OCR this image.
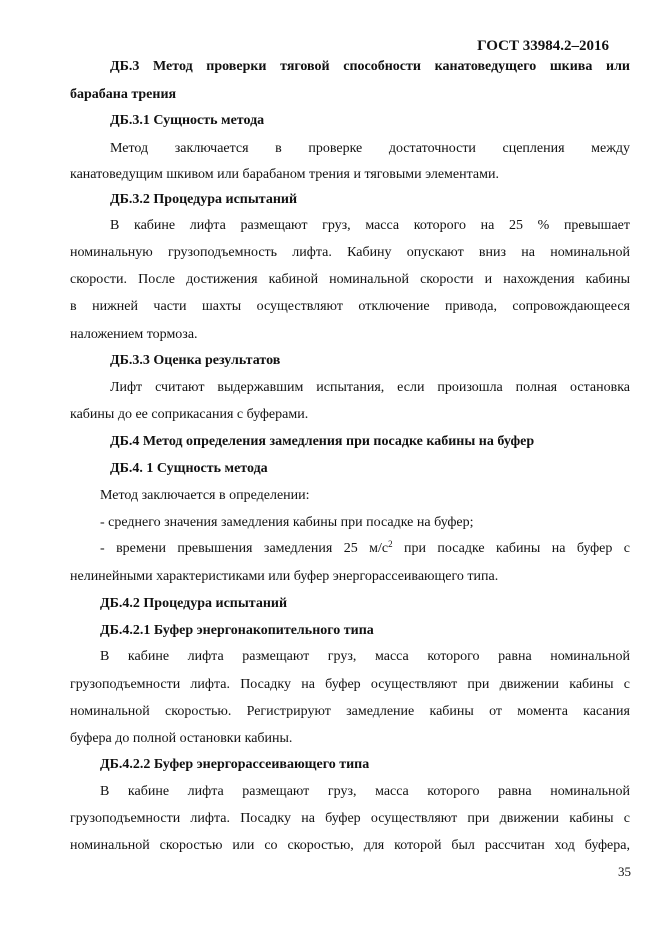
ГОСТ 33984.2–2016
ДБ.3 Метод проверки тяговой способности канатоведущего шкива или
барабана трения
ДБ.3.1 Сущность метода
Метод заключается в проверке достаточности сцепления между
канатоведущим шкивом или барабаном трения и тяговыми элементами.
ДБ.3.2 Процедура испытаний
В кабине лифта размещают груз, масса которого на 25 % превышает
номинальную грузоподъемность лифта. Кабину опускают вниз на номинальной
скорости. После достижения кабиной номинальной скорости и нахождения кабины
в нижней части шахты осуществляют отключение привода, сопровождающееся
наложением тормоза.
ДБ.3.3 Оценка результатов
Лифт считают выдержавшим испытания, если произошла полная остановка
кабины до ее соприкасания с буферами.
ДБ.4 Метод определения замедления при посадке кабины на буфер
ДБ.4. 1 Сущность метода
Метод заключается в определении:
- среднего значения замедления кабины при посадке на буфер;
- времени превышения замедления 25 $м/с^2$ при посадке кабины на буфер с
нелинейными характеристиками или буфер энергорассеивающего типа.
ДБ.4.2 Процедура испытаний
ДБ.4.2.1 Буфер энергонакопительного типа
В кабине лифта размещают груз, масса которого равна номинальной
грузоподъемности лифта. Посадку на буфер осуществляют при движении кабины с
номинальной скоростью. Регистрируют замедление кабины от момента касания
буфера до полной остановки кабины.
ДБ.4.2.2 Буфер энергорассеивающего типа
В кабине лифта размещают груз, массa которого равна номинальной
грузоподъемности лифта. Посадку на буфер осуществляют при движении кабины с
номинальной скоростью или со скоростью, для которой был рассчитан ход буфера,
35
